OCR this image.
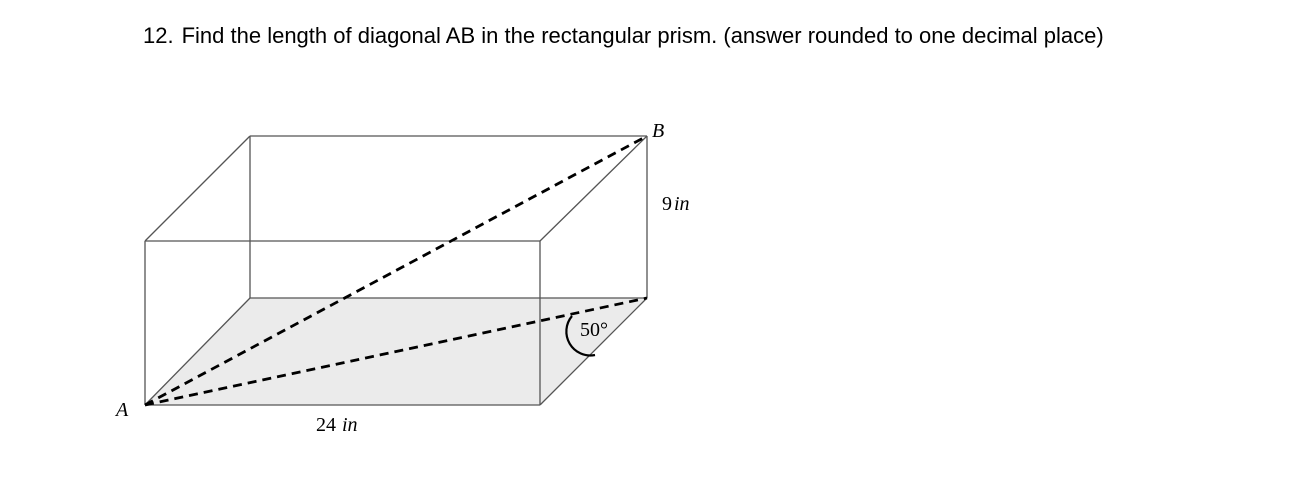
12. Find the length of diagonal AB in the rectangular prism. (answer rounded to one decimal place)

A
B
9 in
24 in
50°
